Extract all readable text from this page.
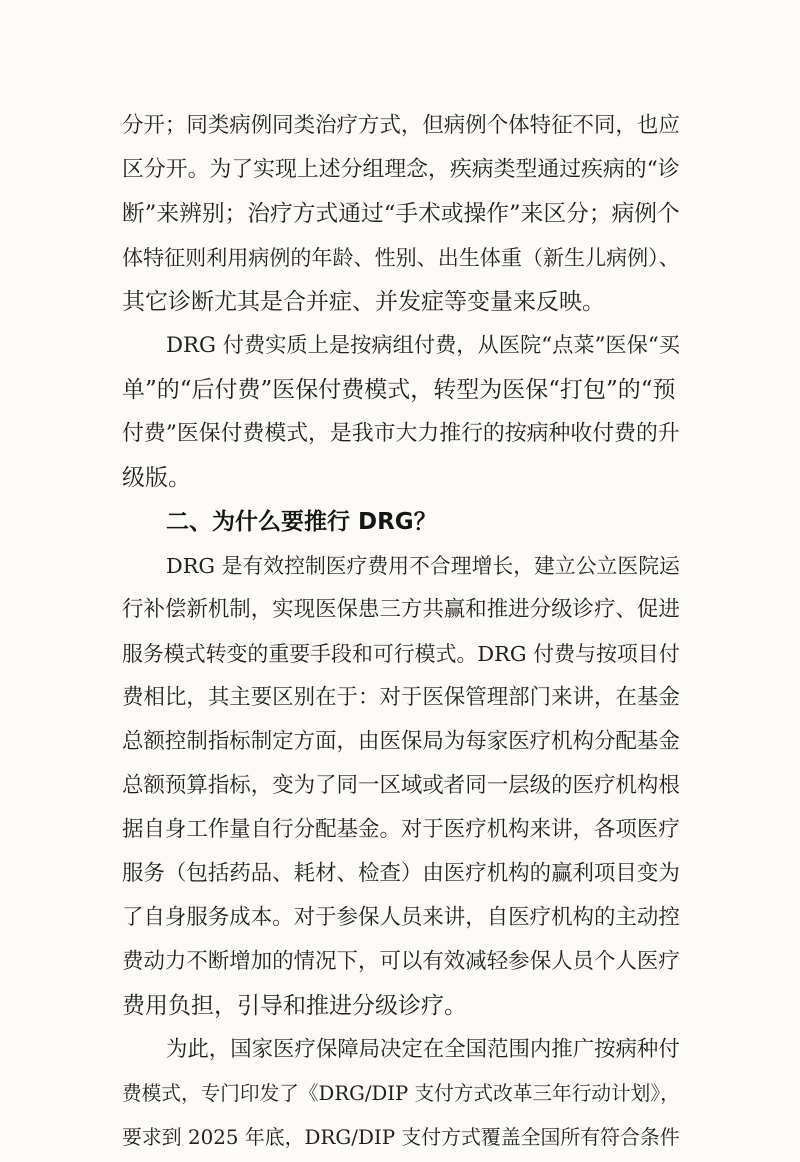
分开；同类病例同类治疗方式，但病例个体特征不同，也应
区分开。为了实现上述分组理念，疾病类型通过疾病的“诊
断”来辨别；治疗方式通过“手术或操作”来区分；病例个
体特征则利用病例的年龄、性别、出生体重（新生儿病例）、
其它诊断尤其是合并症、并发症等变量来反映。
DRG 付费实质上是按病组付费，从医院“点菜”医保“买
单”的“后付费”医保付费模式，转型为医保“打包”的“预
付费”医保付费模式，是我市大力推行的按病种收付费的升
级版。
二、为什么要推行 DRG？
DRG 是有效控制医疗费用不合理增长，建立公立医院运
行补偿新机制，实现医保患三方共赢和推进分级诊疗、促进
服务模式转变的重要手段和可行模式。DRG 付费与按项目付
费相比，其主要区别在于：对于医保管理部门来讲，在基金
总额控制指标制定方面，由医保局为每家医疗机构分配基金
总额预算指标，变为了同一区域或者同一层级的医疗机构根
据自身工作量自行分配基金。对于医疗机构来讲，各项医疗
服务（包括药品、耗材、检查）由医疗机构的赢利项目变为
了自身服务成本。对于参保人员来讲，自医疗机构的主动控
费动力不断增加的情况下，可以有效减轻参保人员个人医疗
费用负担，引导和推进分级诊疗。
为此，国家医疗保障局决定在全国范围内推广按病种付
费模式，专门印发了《DRG/DIP 支付方式改革三年行动计划》，
要求到 2025 年底，DRG/DIP 支付方式覆盖全国所有符合条件
